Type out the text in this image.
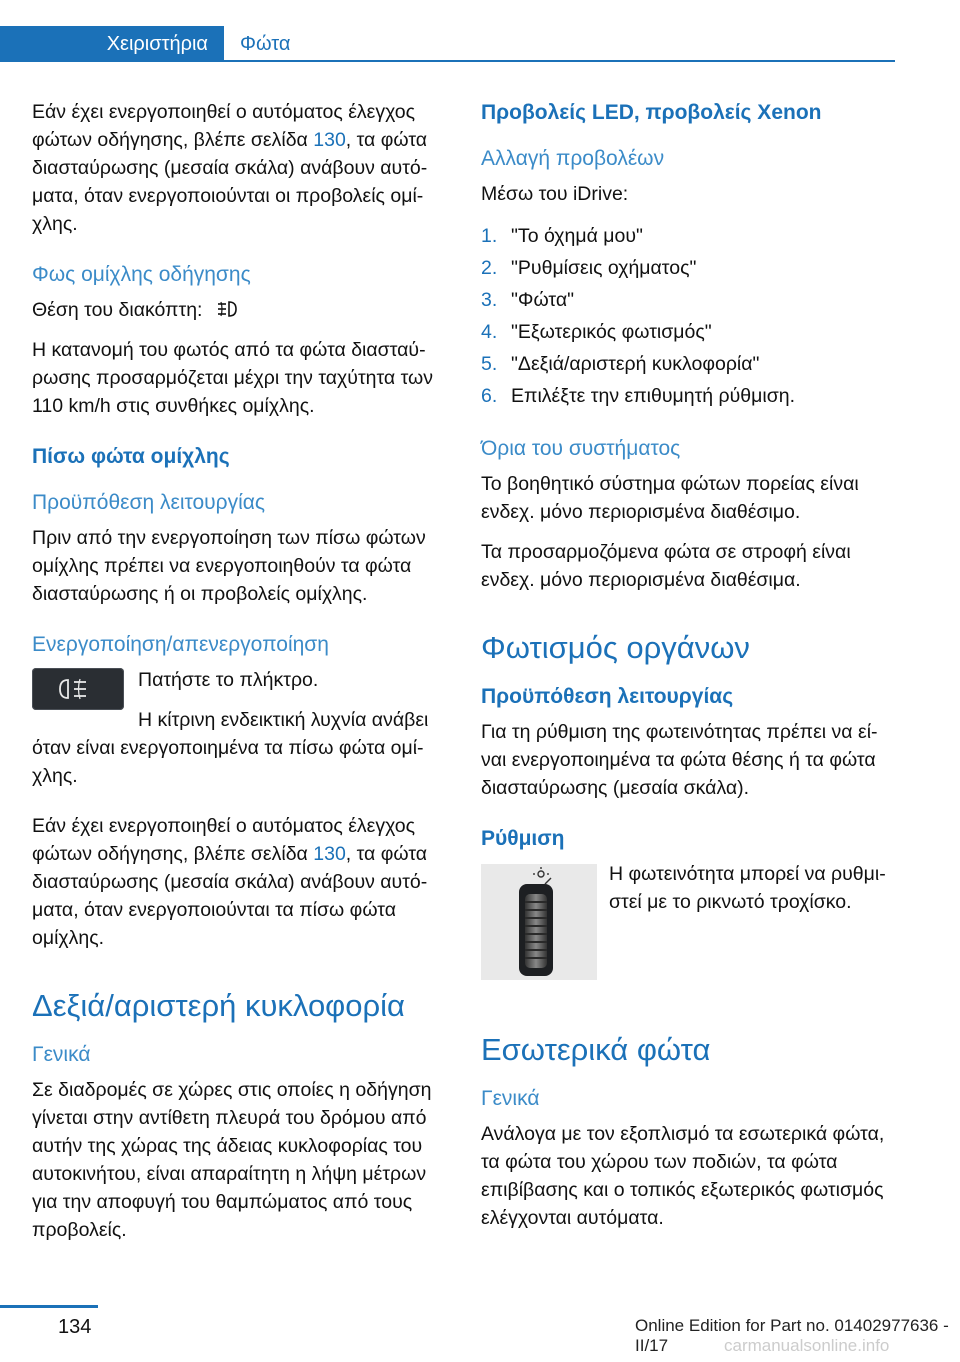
Χειριστήρια	Φώτα

Εάν έχει ενεργοποιηθεί ο αυτόματος έλεγχος φώτων οδήγησης, βλέπε σελίδα 130, τα φώτα διασταύρωσης (μεσαία σκάλα) ανάβουν αυτό-ματα, όταν ενεργοποιούνται οι προβολείς ομί-χλης.

Φως ομίχλης οδήγησης

Θέση του διακόπτη:

Η κατανομή του φωτός από τα φώτα διασταύ-ρωσης προσαρμόζεται μέχρι την ταχύτητα των 110 km/h στις συνθήκες ομίχλης.

Πίσω φώτα ομίχλης
Προϋπόθεση λειτουργίας

Πριν από την ενεργοποίηση των πίσω φώτων ομίχλης πρέπει να ενεργοποιηθούν τα φώτα διασταύρωσης ή οι προβολείς ομίχλης.

Ενεργοποίηση/απενεργοποίηση

Πατήστε το πλήκτρο.

Η κίτρινη ενδεικτική λυχνία ανάβει όταν είναι ενεργοποιημένα τα πίσω φώτα ομί-χλης.

Εάν έχει ενεργοποιηθεί ο αυτόματος έλεγχος φώτων οδήγησης, βλέπε σελίδα 130, τα φώτα διασταύρωσης (μεσαία σκάλα) ανάβουν αυτό-ματα, όταν ενεργοποιούνται τα πίσω φώτα ομίχλης.

Δεξιά/αριστερή κυκλοφορία
Γενικά

Σε διαδρομές σε χώρες στις οποίες η οδήγηση γίνεται στην αντίθετη πλευρά του δρόμου από αυτήν της χώρας της άδειας κυκλοφορίας του αυτοκινήτου, είναι απαραίτητη η λήψη μέτρων για την αποφυγή του θαμπώματος από τους προβολείς.

Προβολείς LED, προβολείς Xenon
Αλλαγή προβολέων

Μέσω του iDrive:

1. "Το όχημά μου"
2. "Ρυθμίσεις οχήματος"
3. "Φώτα"
4. "Εξωτερικός φωτισμός"
5. "Δεξιά/αριστερή κυκλοφορία"
6. Επιλέξτε την επιθυμητή ρύθμιση.
Όρια του συστήματος

Το βοηθητικό σύστημα φώτων πορείας είναι ενδεχ. μόνο περιορισμένα διαθέσιμο.

Τα προσαρμοζόμενα φώτα σε στροφή είναι ενδεχ. μόνο περιορισμένα διαθέσιμα.

Φωτισμός οργάνων
Προϋπόθεση λειτουργίας

Για τη ρύθμιση της φωτεινότητας πρέπει να εί-ναι ενεργοποιημένα τα φώτα θέσης ή τα φώτα διασταύρωσης (μεσαία σκάλα).

Ρύθμιση

Η φωτεινότητα μπορεί να ρυθμι-στεί με το ρικνωτό τροχίσκο.

Εσωτερικά φώτα
Γενικά

Ανάλογα με τον εξοπλισμό τα εσωτερικά φώτα, τα φώτα του χώρου των ποδιών, τα φώτα επιβίβασης και ο τοπικός εξωτερικός φωτισμός ελέγχονται αυτόματα.

134	Online Edition for Part no. 01402977636 - II/17	carmanualsonline.info
